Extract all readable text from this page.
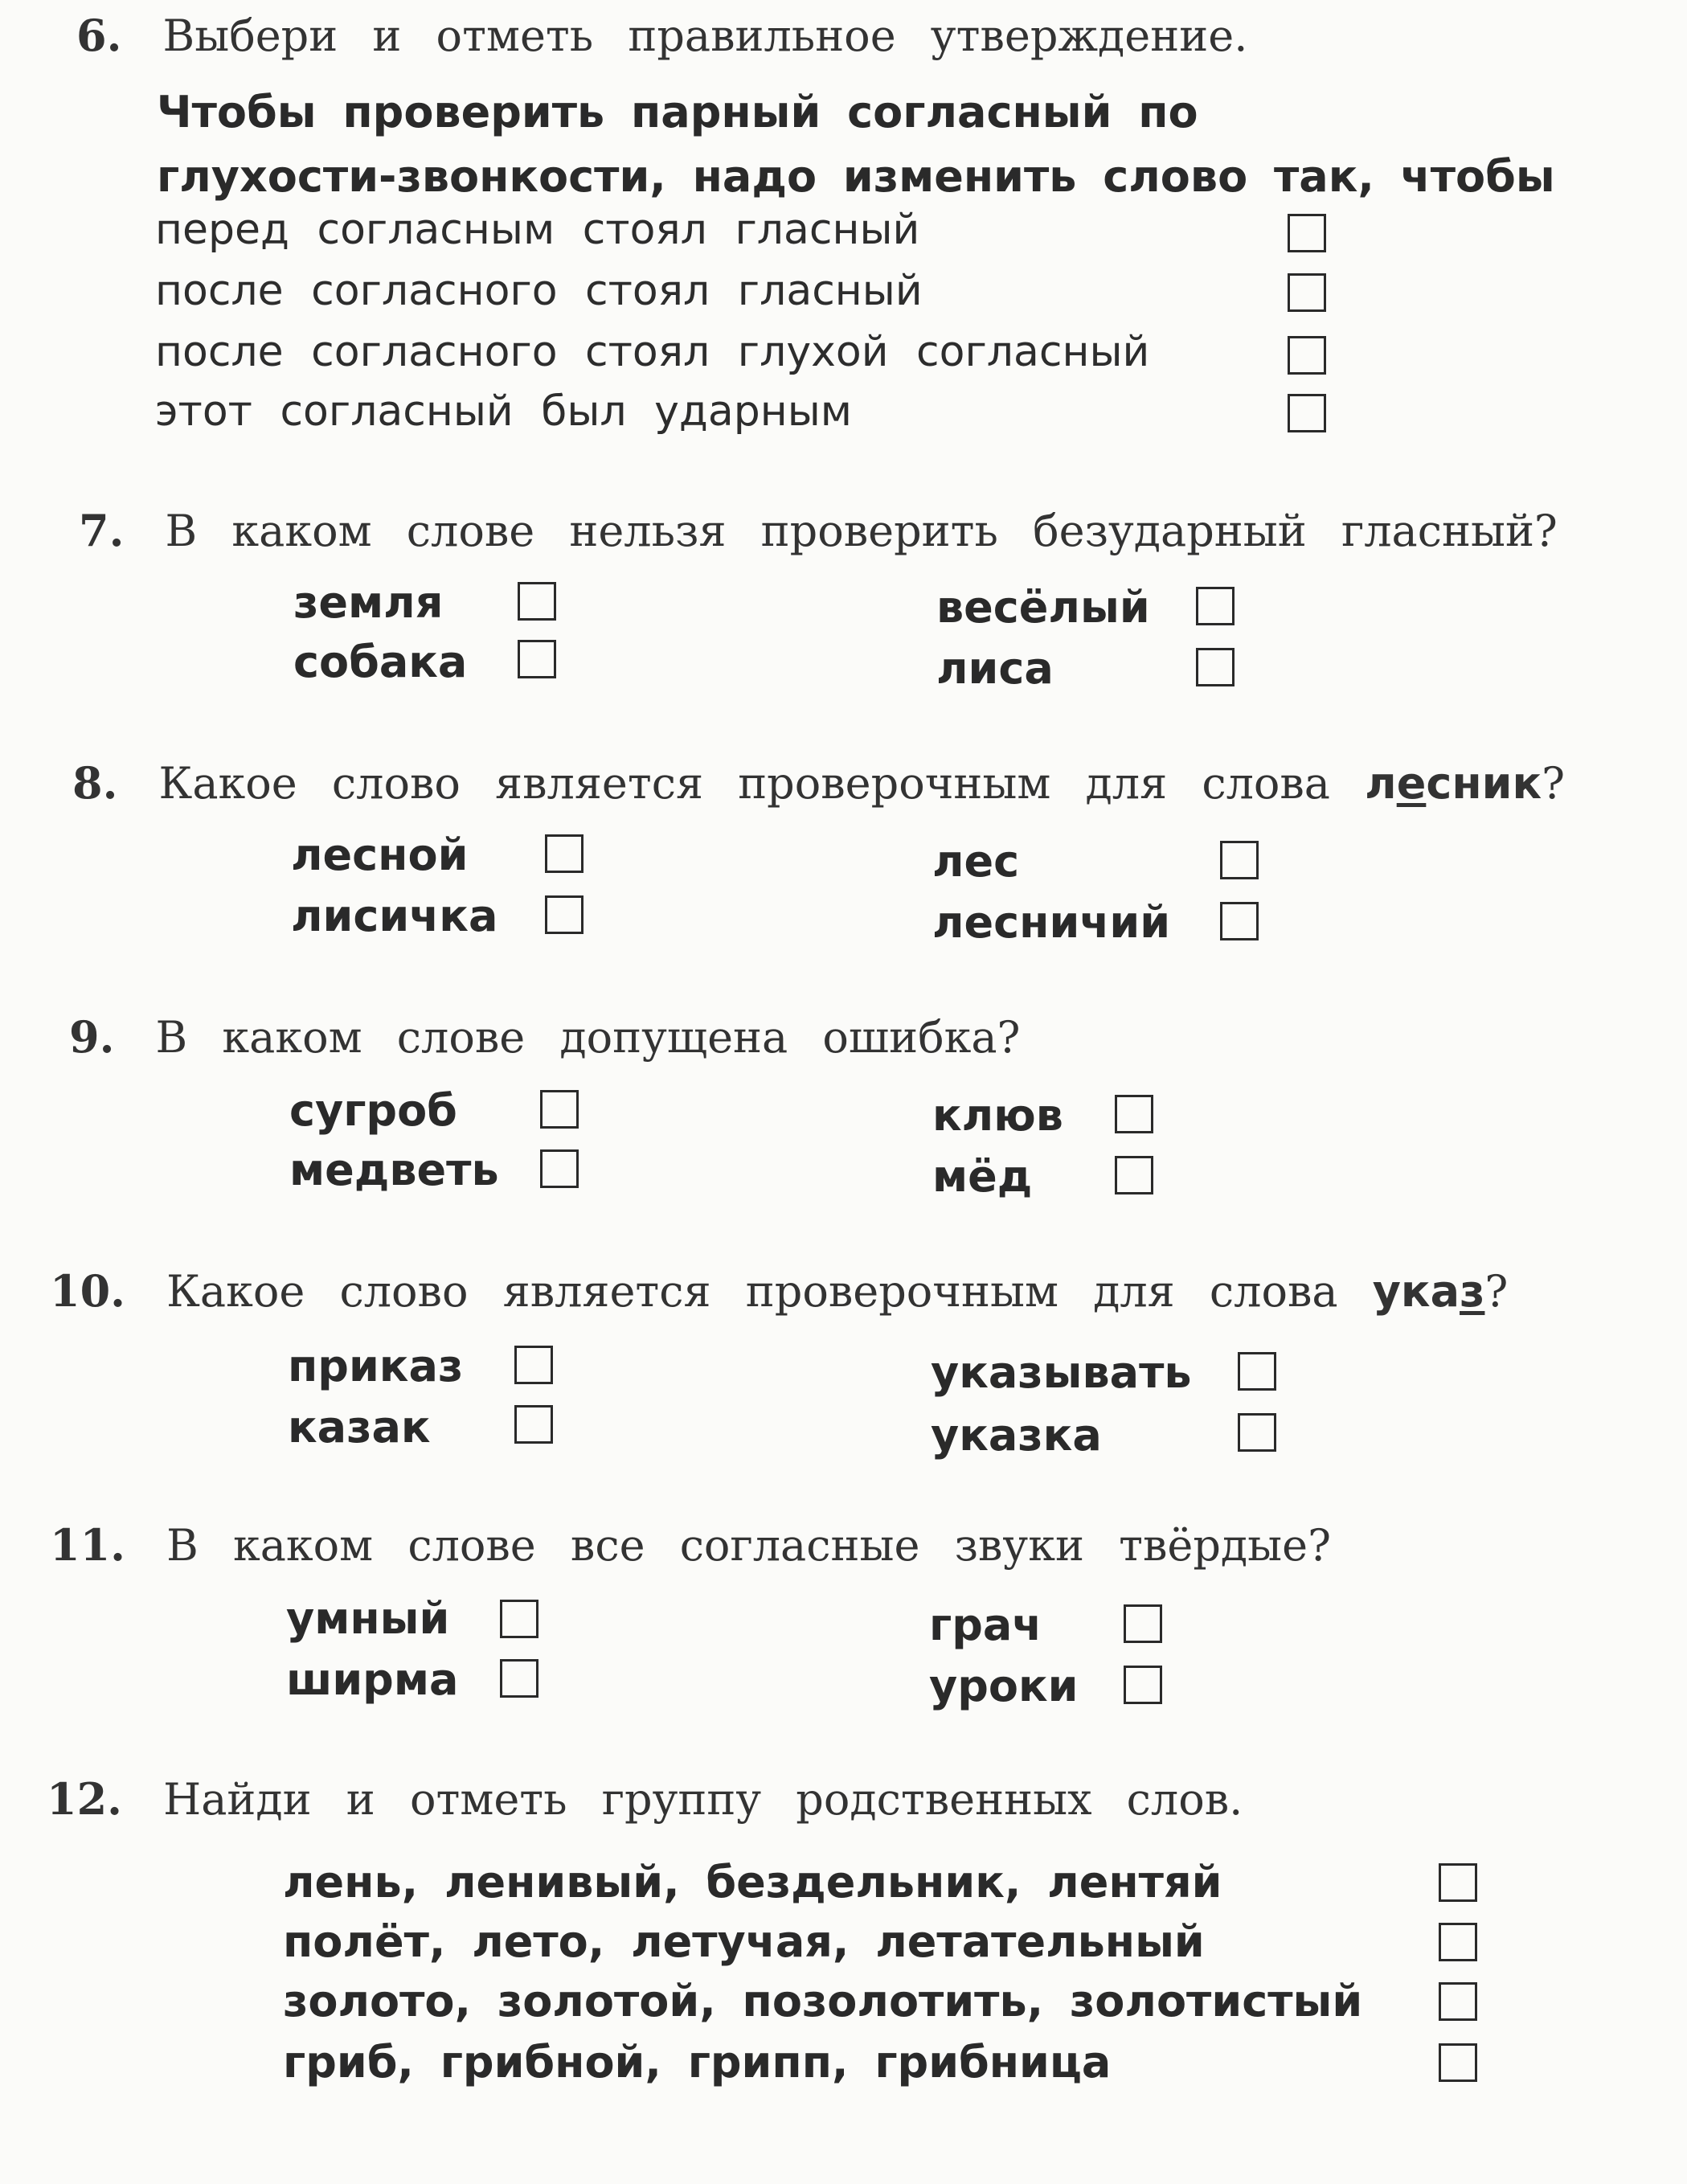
6. Выбери и отметь правильное утверждение.
Чтобы проверить парный согласный по
глухости-звонкости, надо изменить слово так, чтобы
перед согласным стоял гласный
после согласного стоял гласный
после согласного стоял глухой согласный
этот согласный был ударным
7. В каком слове нельзя проверить безударный гласный?
земля
собака
весёлый
лиса
8. Какое слово является проверочным для слова лесник?
лесной
лисичка
лес
лесничий
9. В каком слове допущена ошибка?
сугроб
медветь
клюв
мёд
10. Какое слово является проверочным для слова указ?
приказ
казак
указывать
указка
11. В каком слове все согласные звуки твёрдые?
умный
ширма
грач
уроки
12. Найди и отметь группу родственных слов.
лень, ленивый, бездельник, лентяй
полёт, лето, летучая, летательный
золото, золотой, позолотить, золотистый
гриб, грибной, грипп, грибница
